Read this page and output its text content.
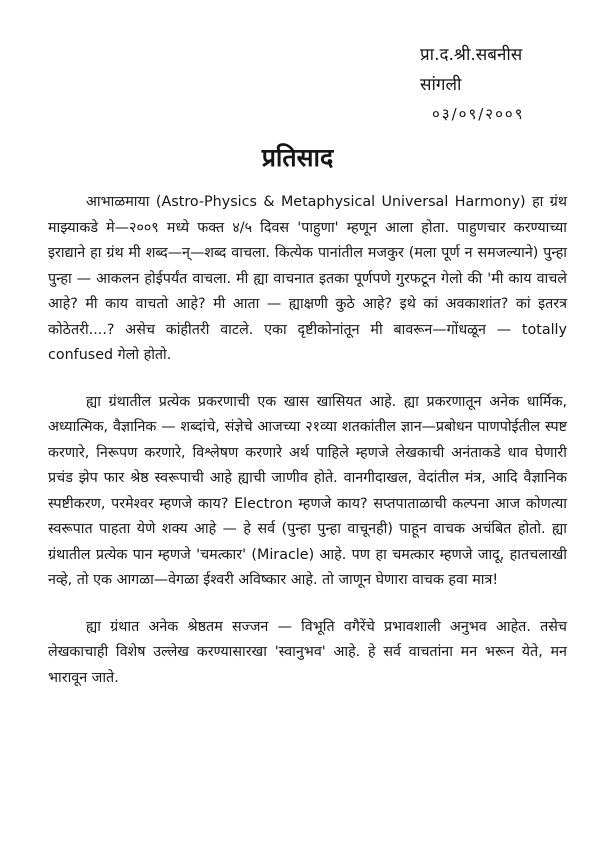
प्रा.द.श्री.सबनीस
सांगली
०३/०९/२००९
प्रतिसाद

आभाळमाया (Astro-Physics & Metaphysical Universal Harmony) हा ग्रंथ माझ्याकडे मे—२००९ मध्ये फक्त ४/५ दिवस 'पाहुणा' म्हणून आला होता. पाहुणचार करण्याच्या इराद्याने हा ग्रंथ मी शब्द—न्—शब्द वाचला. कित्येक पानांतील मजकुर (मला पूर्ण न समजल्याने) पुन्हा पुन्हा — आकलन होईपर्यंत वाचला. मी ह्या वाचनात इतका पूर्णपणे गुरफटून गेलो की 'मी काय वाचले आहे? मी काय वाचतो आहे? मी आता — ह्याक्षणी कुठे आहे? इथे कां अवकाशांत? कां इतरत्र कोठेतरी....? असेच कांहीतरी वाटले. एका दृष्टीकोनांतून मी बावरून—गोंधळून — totally confused गेलो होतो.

ह्या ग्रंथातील प्रत्येक प्रकरणाची एक खास खासियत आहे. ह्या प्रकरणातून अनेक धार्मिक, अध्यात्मिक, वैज्ञानिक — शब्दांचे, संज्ञेचे आजच्या २१व्या शतकांतील ज्ञान—प्रबोधन पाणपोईतील स्पष्ट करणारे, निरूपण करणारे, विश्लेषण करणारे अर्थ पाहिले म्हणजे लेखकाची अनंताकडे धाव घेणारी प्रचंड झेप फार श्रेष्ठ स्वरूपाची आहे ह्याची जाणीव होते. वानगीदाखल, वेदांतील मंत्र, आदि वैज्ञानिक स्पष्टीकरण, परमेश्वर म्हणजे काय? Electron म्हणजे काय? सप्तपाताळाची कल्पना आज कोणत्या स्वरूपात पाहता येणे शक्य आहे — हे सर्व (पुन्हा पुन्हा वाचूनही) पाहून वाचक अचंबित होतो. ह्या ग्रंथातील प्रत्येक पान म्हणजे 'चमत्कार' (Miracle) आहे. पण हा चमत्कार म्हणजे जादू, हातचलाखी नव्हे, तो एक आगळा—वेगळा ईश्वरी अविष्कार आहे. तो जाणून घेणारा वाचक हवा मात्र!

ह्या ग्रंथात अनेक श्रेष्ठतम सज्जन — विभूति वगैरेंचे प्रभावशाली अनुभव आहेत. तसेच लेखकाचाही विशेष उल्लेख करण्यासारखा 'स्वानुभव' आहे. हे सर्व वाचतांना मन भरून येते, मन भारावून जाते.
